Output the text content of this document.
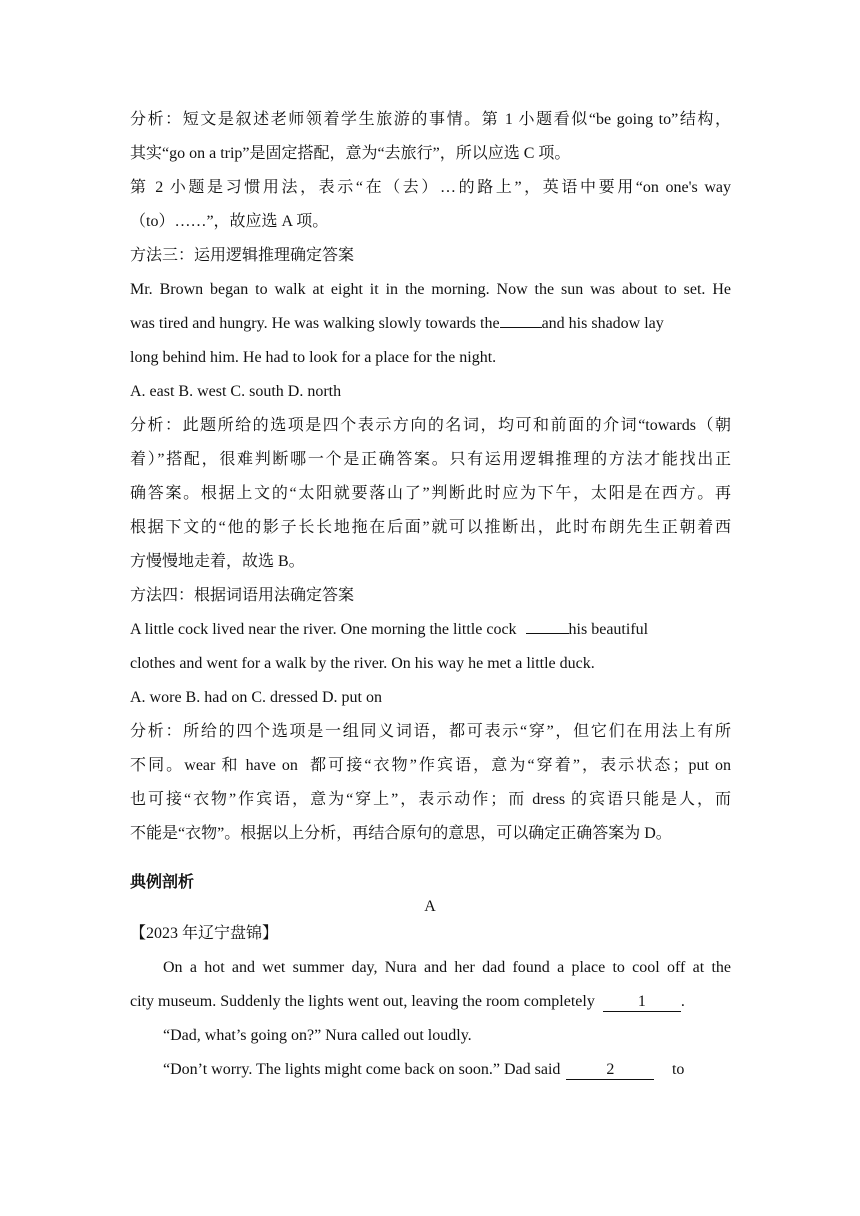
分析：短文是叙述老师领着学生旅游的事情。第 1 小题看似“be going to”结构，

其实“go on a trip”是固定搭配，意为“去旅行”，所以应选 C 项。

第 2 小题是习惯用法，表示“在（去）…的路上”，英语中要用“on one's way

（to）……”，故应选 A 项。

方法三：运用逻辑推理确定答案

Mr. Brown began to walk at eight it in the morning. Now the sun was about to set. He

was tired and hungry. He was walking slowly towards the	and his shadow lay

long behind him. He had to look for a place for the night.

A. east B. west C. south D. north

分析：此题所给的选项是四个表示方向的名词，均可和前面的介词“towards（朝

着）”搭配，很难判断哪一个是正确答案。只有运用逻辑推理的方法才能找出正

确答案。根据上文的“太阳就要落山了”判断此时应为下午，太阳是在西方。再

根据下文的“他的影子长长地拖在后面”就可以推断出，此时布朗先生正朝着西

方慢慢地走着，故选 B。

方法四：根据词语用法确定答案

A little cock lived near the river. One morning the little cock	his beautiful

clothes and went for a walk by the river. On his way he met a little duck.

A. wore B. had on C. dressed D. put on

分析：所给的四个选项是一组同义词语，都可表示“穿”，但它们在用法上有所

不同。wear 和 have on  都可接“衣物”作宾语，意为“穿着”，表示状态；put on

也可接“衣物”作宾语，意为“穿上”，表示动作；而 dress 的宾语只能是人，而

不能是“衣物”。根据以上分析，再结合原句的意思，可以确定正确答案为 D。

典例剖析

A

【2023 年辽宁盘锦】

On a hot and wet summer day, Nura and her dad found a place to cool off at the

city museum. Suddenly the lights went out, leaving the room completely 1 .

“Dad, what’s going on?” Nura called out loudly.

“Don’t worry. The lights might come back on soon.” Dad said	2	to
